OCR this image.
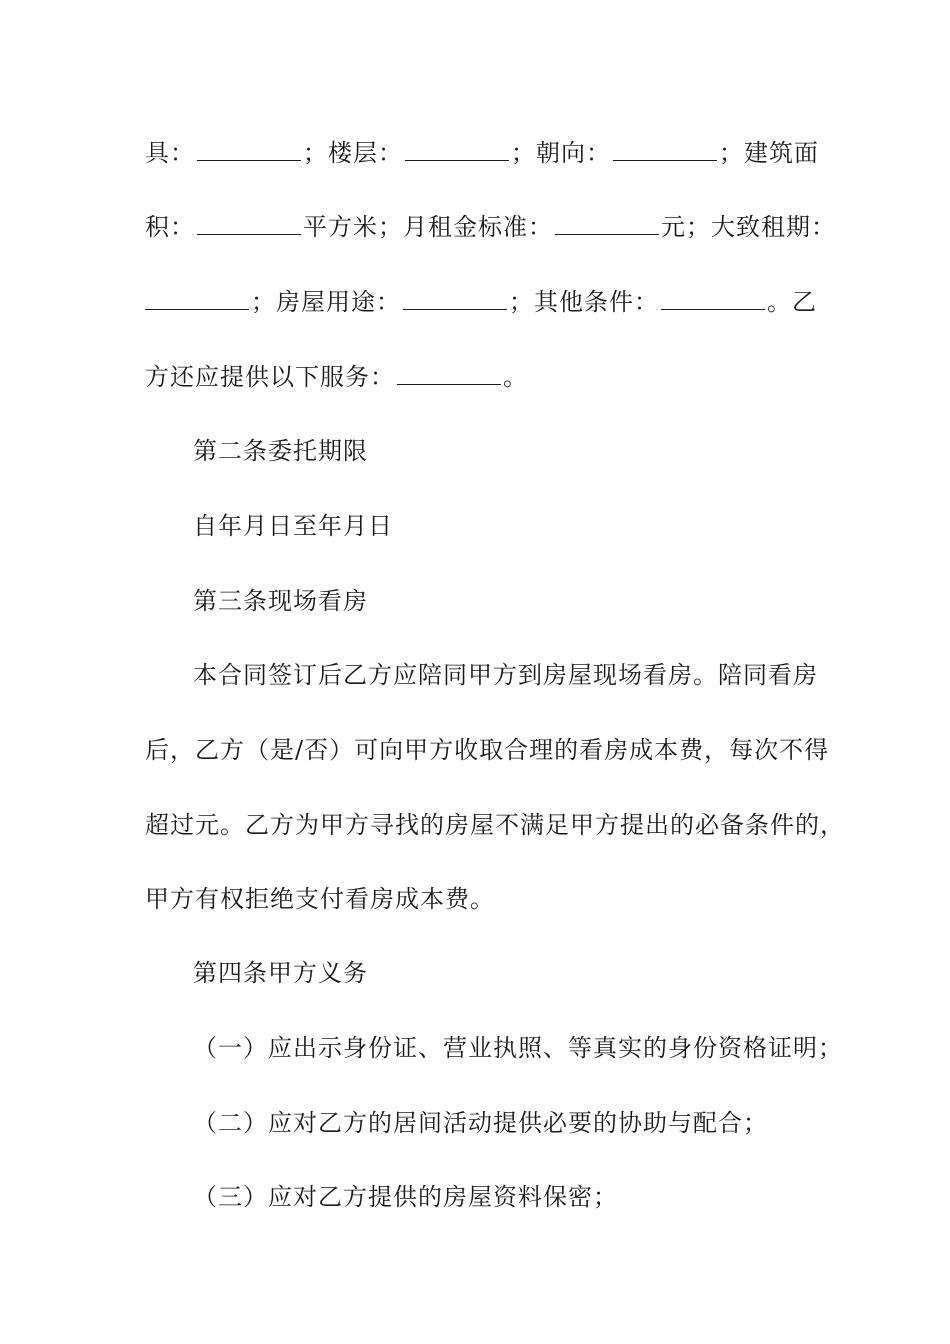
具：	；楼层：	；朝向：	；建筑面
积：	平方米；月租金标准：	元；大致租期：
；房屋用途：	；其他条件：	。乙
方还应提供以下服务：	。
第二条委托期限
自年月日至年月日
第三条现场看房
本合同签订后乙方应陪同甲方到房屋现场看房。陪同看房
后，乙方（是/否）可向甲方收取合理的看房成本费，每次不得
超过元。乙方为甲方寻找的房屋不满足甲方提出的必备条件的，
甲方有权拒绝支付看房成本费。
第四条甲方义务
（一）应出示身份证、营业执照、等真实的身份资格证明；
（二）应对乙方的居间活动提供必要的协助与配合；
（三）应对乙方提供的房屋资料保密；
